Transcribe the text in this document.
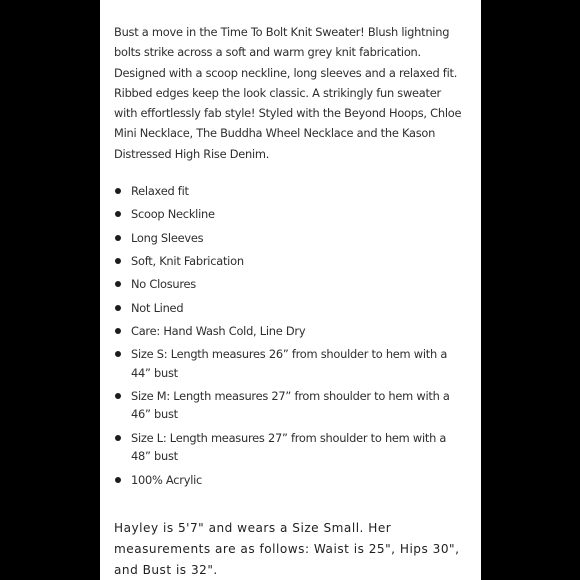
Bust a move in the Time To Bolt Knit Sweater! Blush lightning bolts strike across a soft and warm grey knit fabrication. Designed with a scoop neckline, long sleeves and a relaxed fit. Ribbed edges keep the look classic. A strikingly fun sweater with effortlessly fab style! Styled with the Beyond Hoops, Chloe Mini Necklace, The Buddha Wheel Necklace and the Kason Distressed High Rise Denim.

Relaxed fit
Scoop Neckline
Long Sleeves
Soft, Knit Fabrication
No Closures
Not Lined
Care: Hand Wash Cold, Line Dry
Size S: Length measures 26” from shoulder to hem with a 44” bust
Size M: Length measures 27” from shoulder to hem with a 46” bust
Size L: Length measures 27” from shoulder to hem with a 48” bust
100% Acrylic

Hayley is 5'7" and wears a Size Small. Her measurements are as follows: Waist is 25", Hips 30", and Bust is 32".
